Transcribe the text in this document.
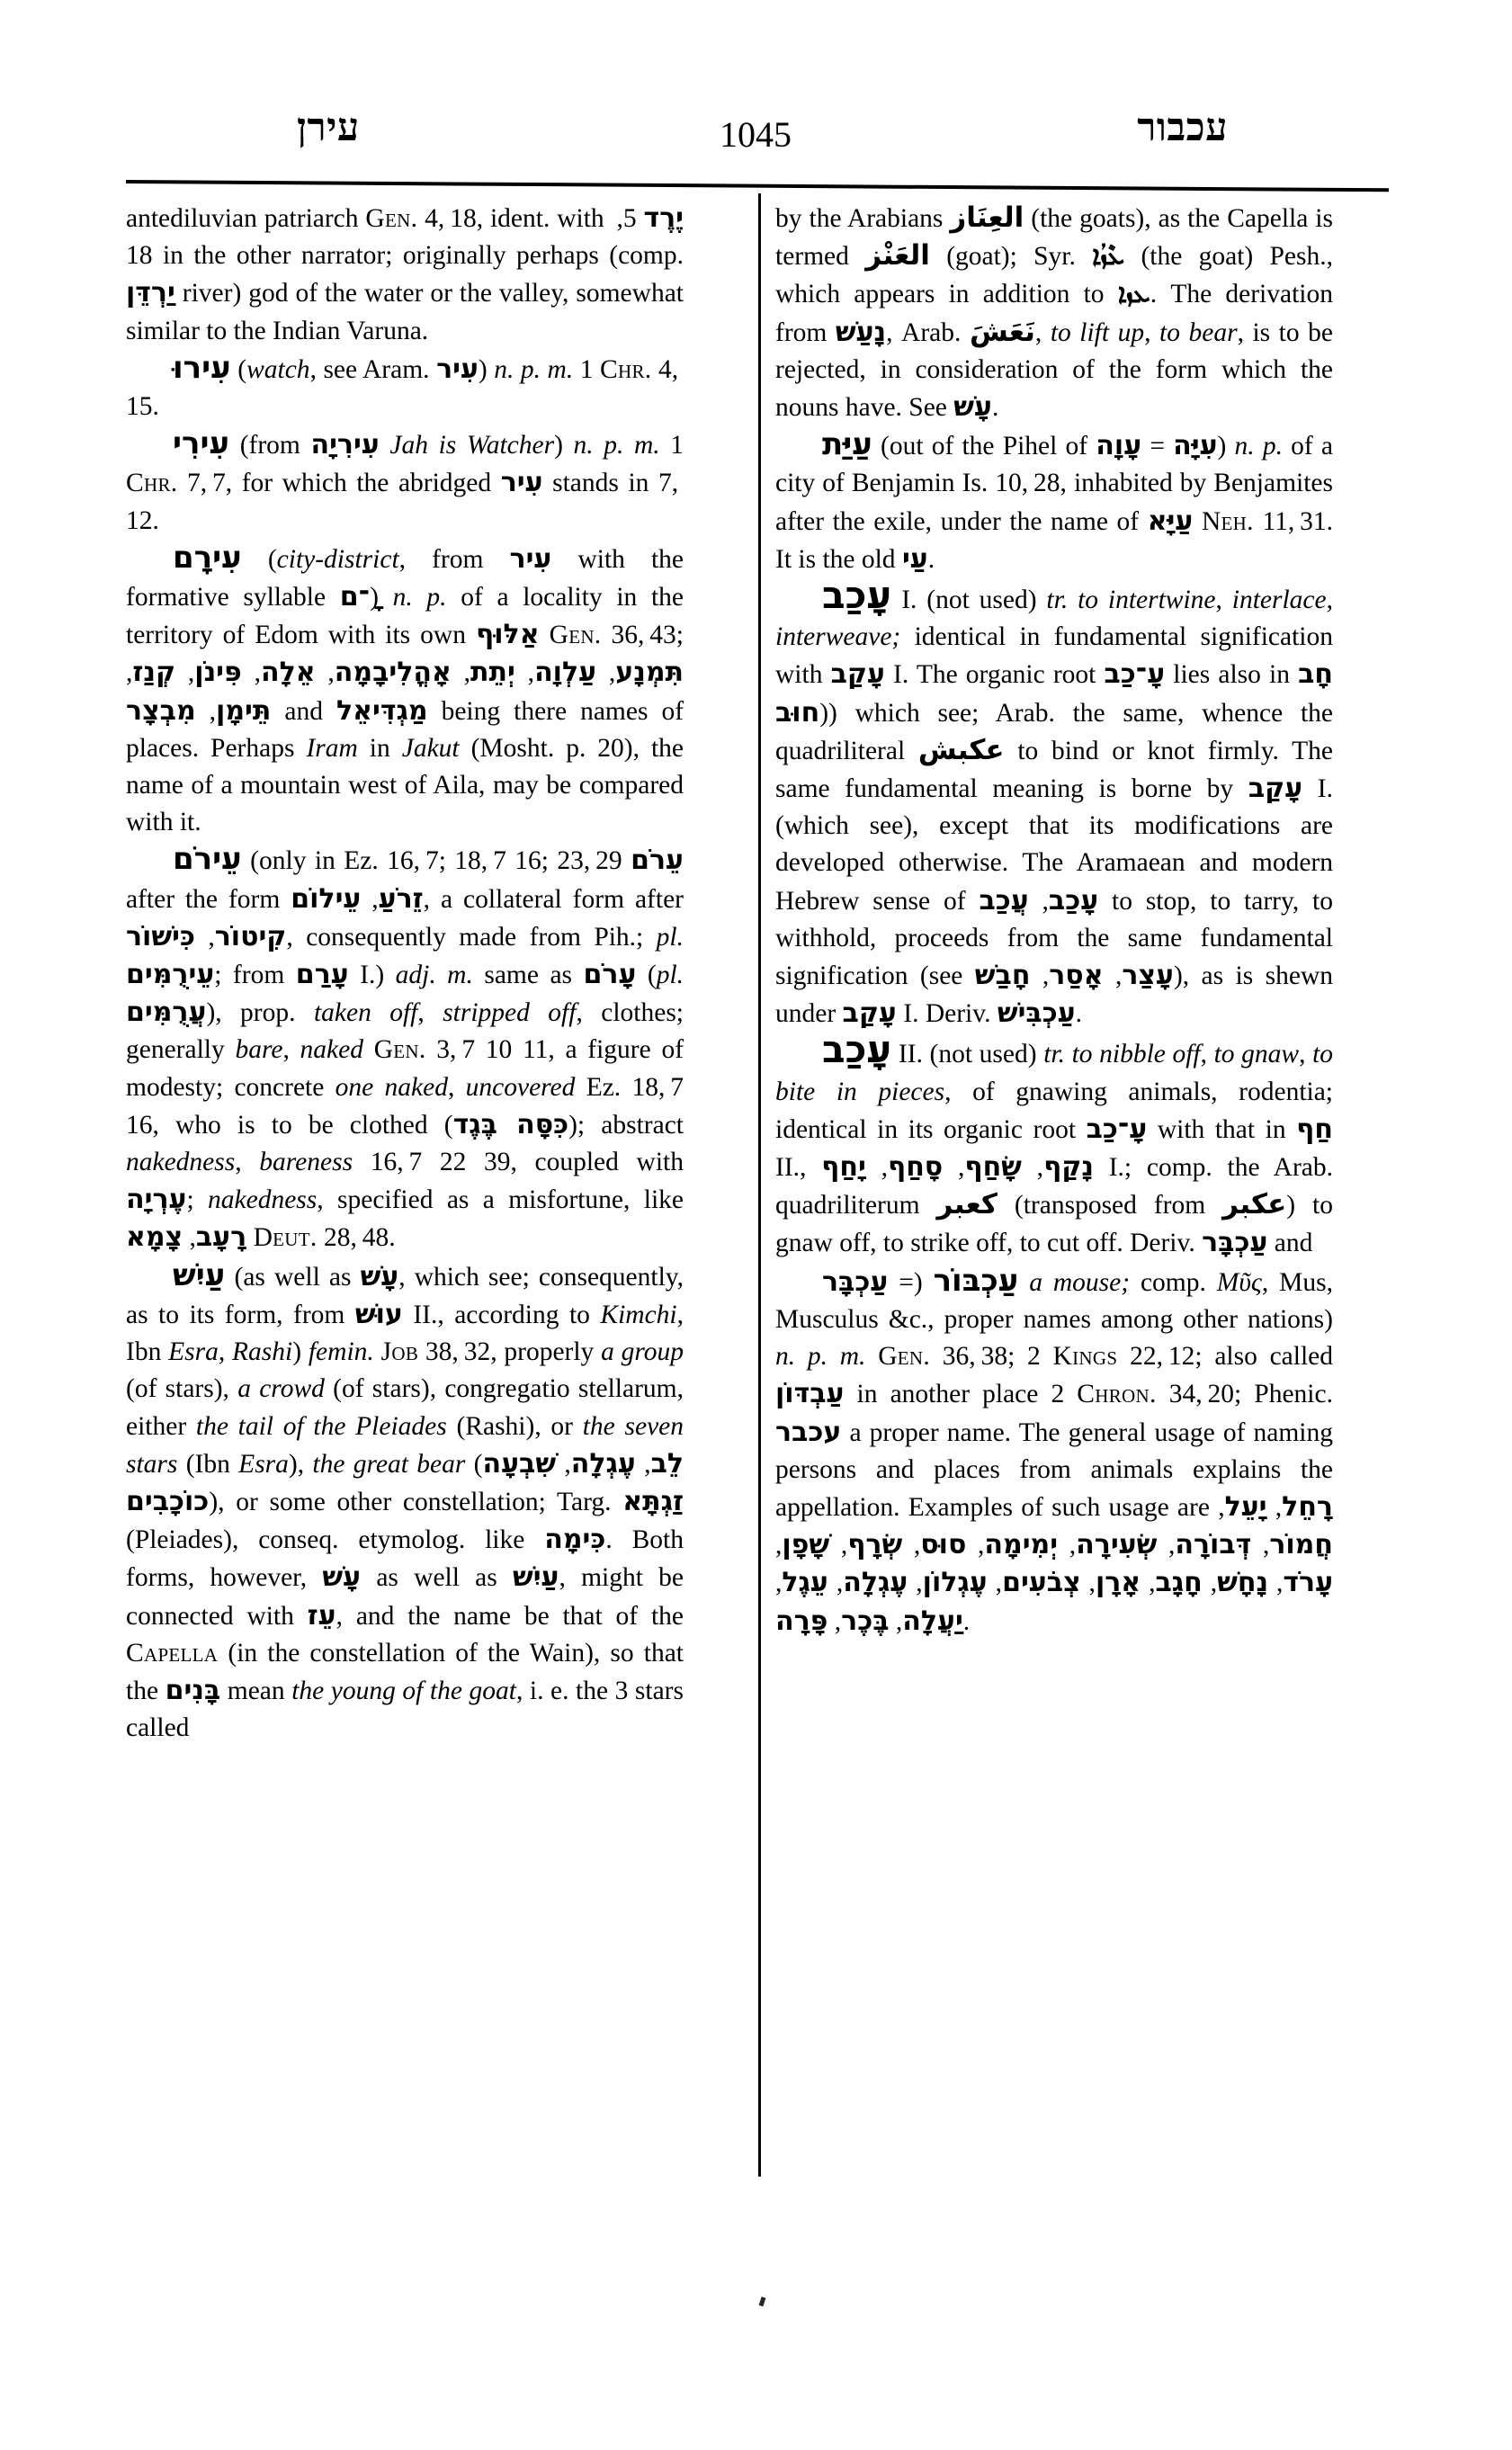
עירן	1045	עכבור
antediluvian patriarch Gen. 4, 18, ident. with יֶרֶד 5, 18 in the other narrator; originally perhaps (comp. יַרְדֵּן river) god of the water or the valley, somewhat similar to the Indian Varuna.
עִירוּ (watch, see Aram. עִיר) n. p. m. 1 Chr. 4, 15.
עִירִי (from עִירִיָה Jah is Watcher) n. p. m. 1 Chr. 7, 7, for which the abridged עִיר stands in 7, 12.
עִירָם (city-district, from עִיר with the formative syllable ָ־ם) n. p. of a locality in the territory of Edom with its own אַלּוּף Gen. 36, 43; תִּמְנָע, עַלְוָה, יְתֵת, אָהֳלִיבָמָה, אֵלָה, פִּינֹן, קְנַז, תֵּימָן, מִבְצָר	and מַגְדִּיאֵל being there names of places. Perhaps Iram in Jakut (Mosht. p. 20), the name of a mountain west of Aila, may be compared with it.
עֵירֹם (only in Ez. 16, 7; 18, 7 16; 23, 29 עֵרֹם after the form	זֵרֹעַ, עֵילוֹם , a collateral form after קִיטוֹר, כִּישׁוֹר	, consequently made from Pih.; pl. עֵירֻמִּים; from עָרַם I.) adj. m. same as עָרֹם (pl. עֲרֻמִּים), prop. taken off, stripped off, clothes; generally bare, naked Gen. 3, 7 10 11, a figure of modesty; concrete one naked, uncovered Ez. 18, 7 16, who is to be clothed (כִּסָּה בֶּגֶד); abstract nakedness, bareness 16, 7 22 39, coupled with עֶרְיָה; nakedness, specified as a misfortune, like רָעָב, צָמָא	Deut. 28, 48.
עַיִשׁ (as well as עָשׁ, which see; consequently, as to its form, from עוּשׁ II., according to Kimchi, Ibn Esra, Rashi) femin. Job 38, 32, properly a group (of stars), a crowd (of stars), congregatio stellarum, either the tail of the Pleiades (Rashi), or the seven stars (Ibn Esra), the great bear (	לֵב, עֶגְלָה, שִׁבְעָה כוֹכָבִים), or some other constellation; Targ. זַגְתָּא (Pleiades), conseq. etymolog. like כִּימָה. Both forms, however, עָשׁ as well as עַיִשׁ, might be connected with עֵז, and the name be that of the Capella (in the constellation of the Wain), so that the בָּנִים mean the young of the goat, i. e. the 3 stars called
by the Arabians العِنَاز (the goats), as the Capella is termed العَنْز (goat); Syr. ܥܶܙܳܐ (the goat) Pesh., which appears in addition to ܥܙܐ. The derivation from נָעַשׁ, Arab. نَعَشَ, to lift up, to bear, is to be rejected, in consideration of the form which the nouns have. See עָשׁ.
עַיַּת (out of the Pihel of	עִיָּה = עָוָה	) n. p. of a city of Benjamin Is. 10, 28, inhabited by Benjamites after the exile, under the name of עַיָּא Neh. 11, 31. It is the old עַי.
עָכַב I. (not used) tr. to intertwine, interlace, interweave; identical in fundamental signification with עָקַב I. The organic root עָ־כַב lies also in חָב (חוּב ) which see; Arab. the same, whence the quadriliteral عكبش to bind or knot firmly. The same fundamental meaning is borne by עָקַב I. (which see), except that its modifications are developed otherwise. The Aramaean and modern Hebrew sense of	עָכַב, עֲכַב	to stop, to tarry, to withhold, proceeds from the same fundamental signification (see	עָצַר, אָסַר, חָבַשׁ	), as is shewn under עָקַב I. Deriv. עַכְבִּישׁ.
עָכַב II. (not used) tr. to nibble off, to gnaw, to bite in pieces, of gnawing animals, rodentia; identical in its organic root עָ־כַב with that in חַף II.,	נָקַף, שָׂחַף, סָחַף, יָחַף	I.; comp. the Arab. quadriliterum كعبر (transposed from عكبر) to gnaw off, to strike off, to cut off. Deriv. עַכְבָּר and
עַכְבּוֹר (= עַכְבָּר	a mouse; comp. Μῦς, Mus, Musculus &c., proper names among other nations) n. p. m. Gen. 36, 38; 2 Kings 22, 12; also called עַבְדּוֹן in another place 2 Chron. 34, 20; Phenic. עכבר a proper name. The general usage of naming persons and places from animals explains the appellation. Examples of such usage are רָחֵל, יָעֵל, חֲמוֹר, דְּבוֹרָה, שְׂעִירָה, יְמִימָה, סוּס, שְׂרָף, שָׁפָן, עָרֹד, נָחָשׁ, חָגָב, אָרָן, צְבֹעִים, עֶגְלוֹן, עֶגְלָה, עֵגֶל, יַעֲלָה, בֶּכֶר, פָּרָה	.
